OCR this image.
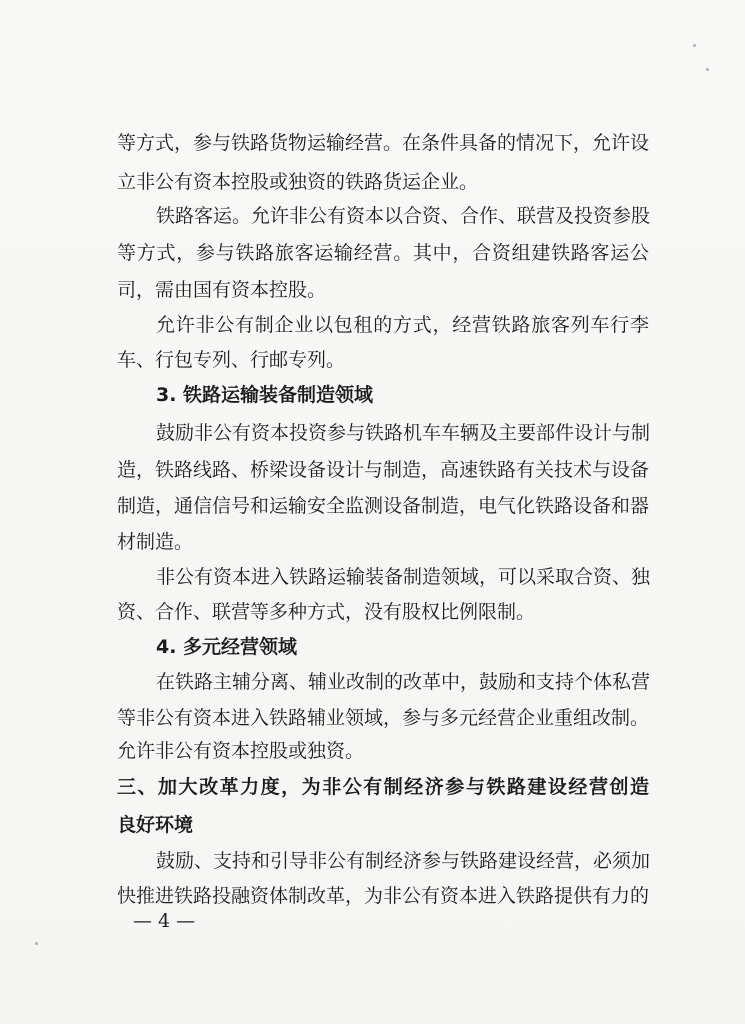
等方式，参与铁路货物运输经营。在条件具备的情况下，允许设
立非公有资本控股或独资的铁路货运企业。
铁路客运。允许非公有资本以合资、合作、联营及投资参股
等方式，参与铁路旅客运输经营。其中，合资组建铁路客运公
司，需由国有资本控股。
允许非公有制企业以包租的方式，经营铁路旅客列车行李
车、行包专列、行邮专列。
3. 铁路运输装备制造领域
鼓励非公有资本投资参与铁路机车车辆及主要部件设计与制
造，铁路线路、桥梁设备设计与制造，高速铁路有关技术与设备
制造，通信信号和运输安全监测设备制造，电气化铁路设备和器
材制造。
非公有资本进入铁路运输装备制造领域，可以采取合资、独
资、合作、联营等多种方式，没有股权比例限制。
4. 多元经营领域
在铁路主辅分离、辅业改制的改革中，鼓励和支持个体私营
等非公有资本进入铁路辅业领域，参与多元经营企业重组改制。
允许非公有资本控股或独资。
三、加大改革力度，为非公有制经济参与铁路建设经营创造
良好环境
鼓励、支持和引导非公有制经济参与铁路建设经营，必须加
快推进铁路投融资体制改革，为非公有资本进入铁路提供有力的
— 4 —
